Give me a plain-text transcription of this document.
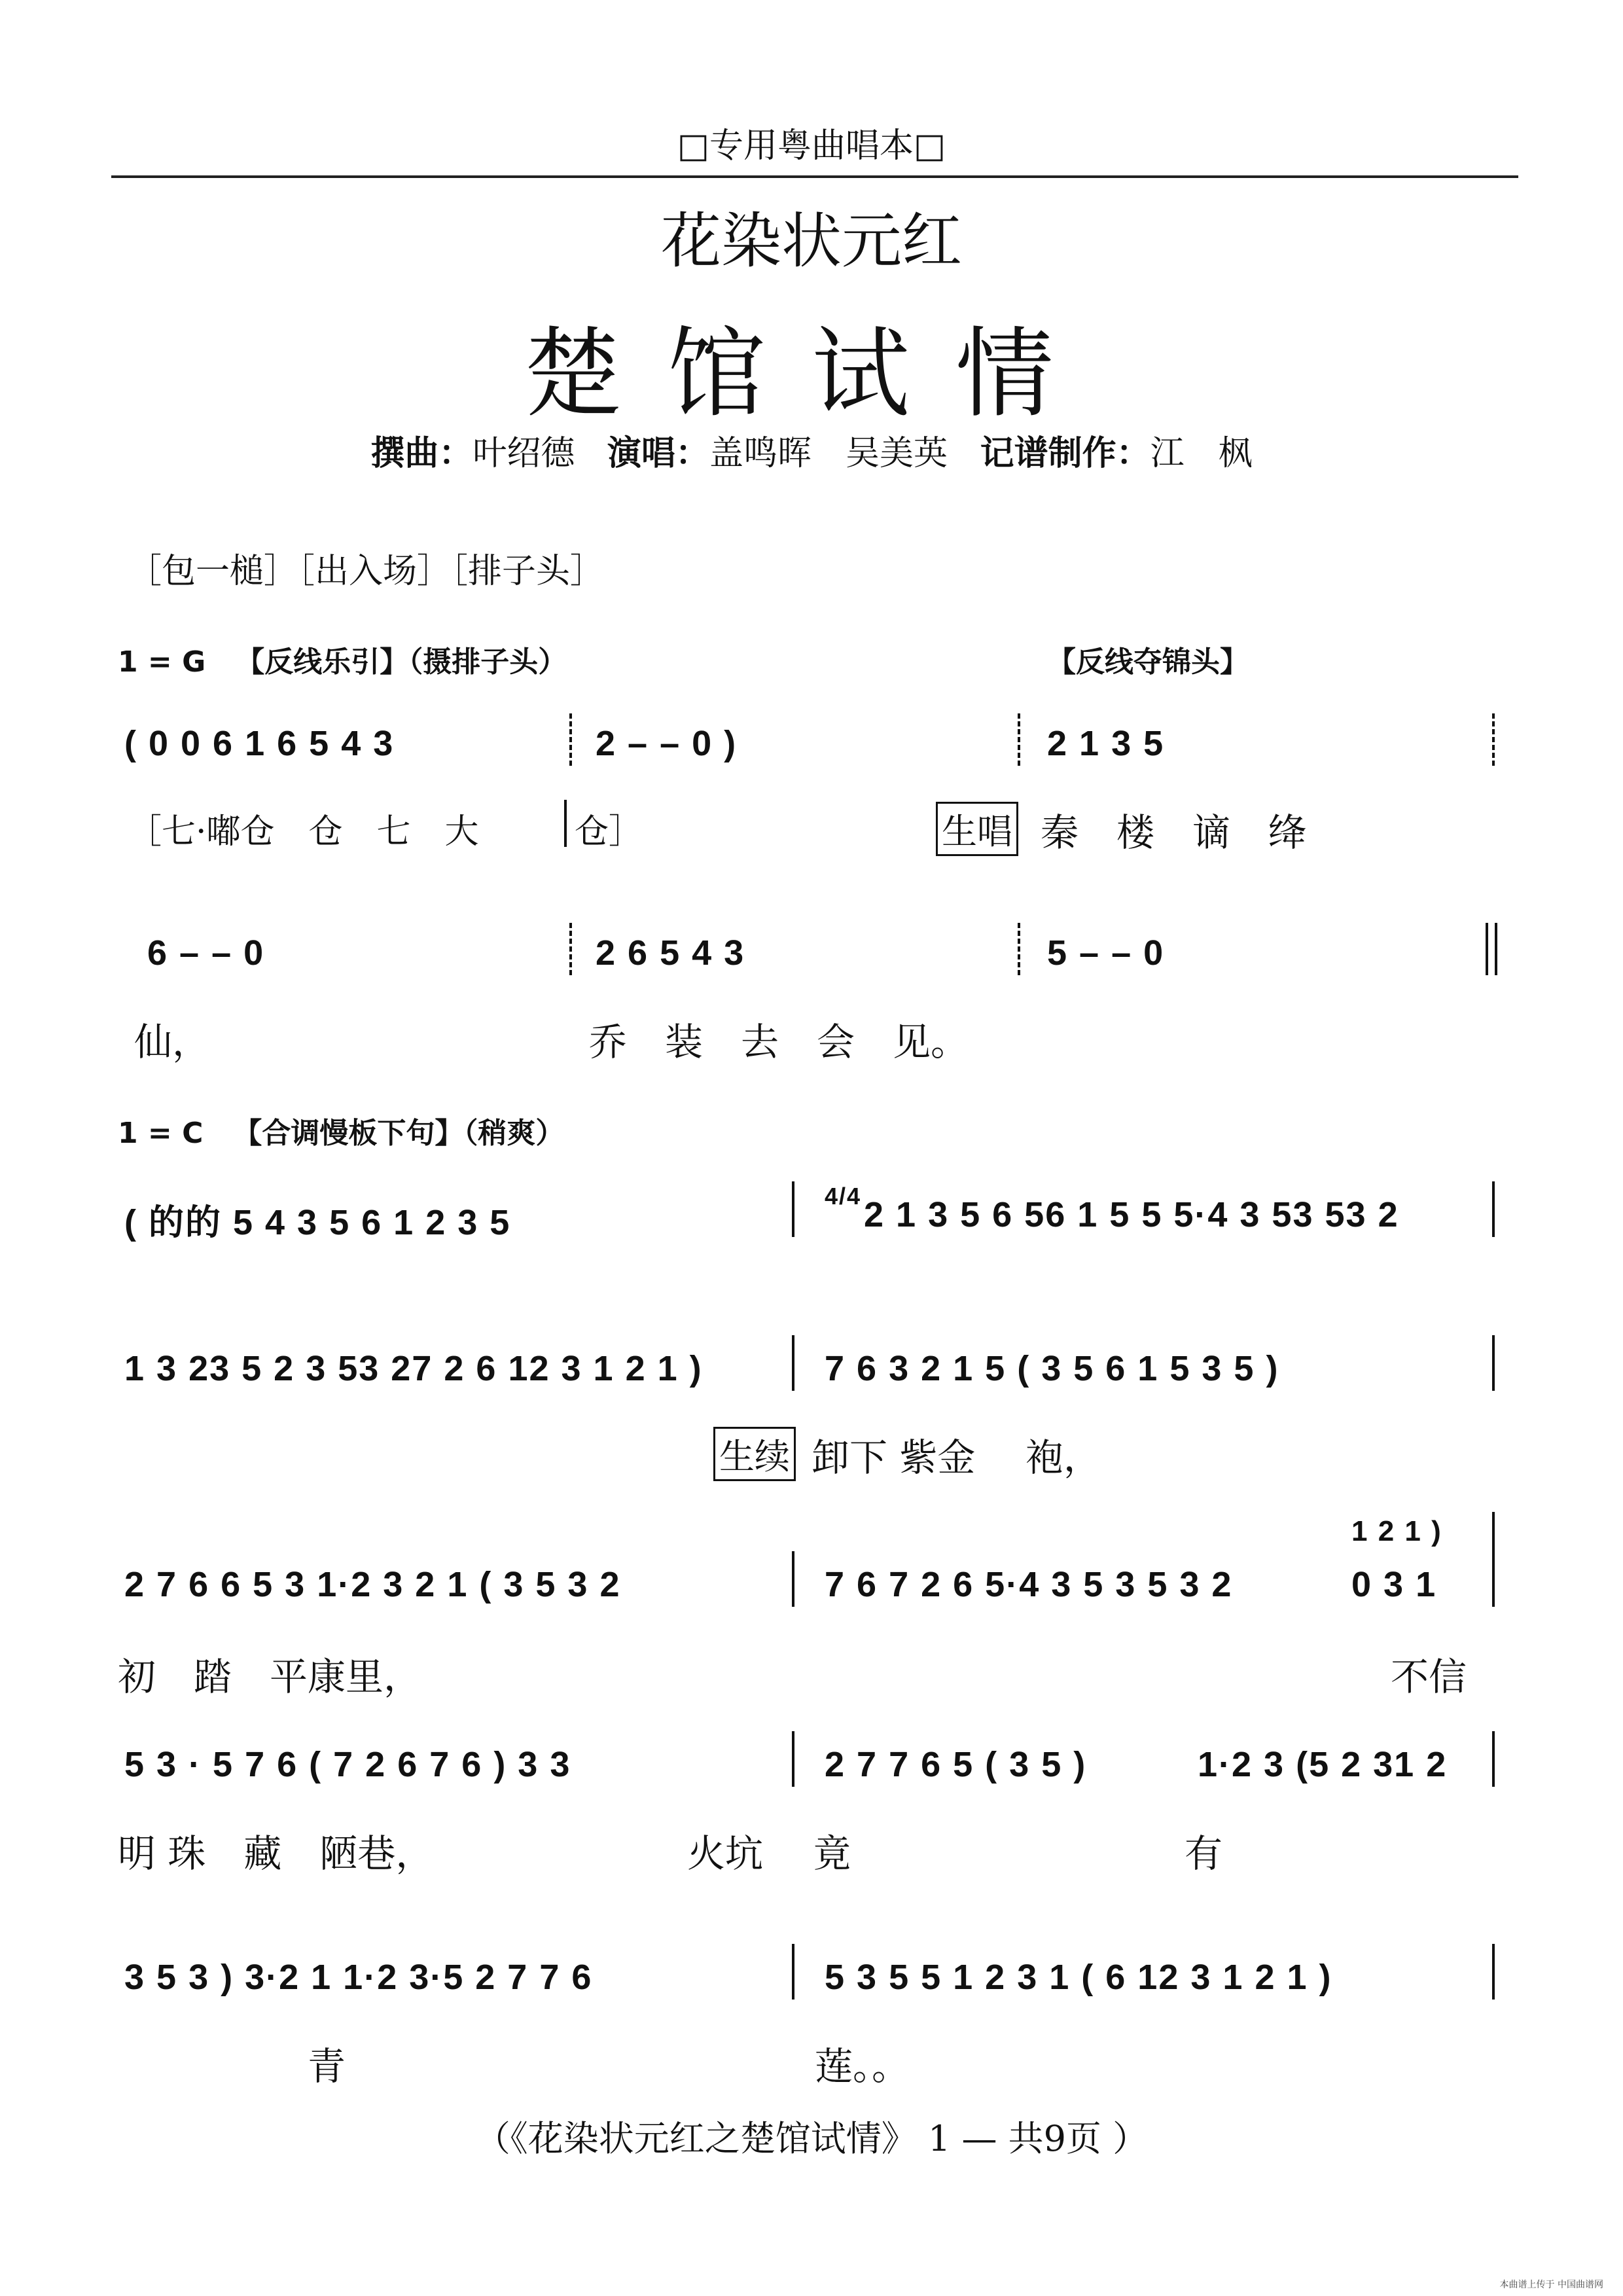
□专用粤曲唱本□
花染状元红
楚馆试情
撰曲：叶绍德 演唱：盖鸣晖　吴美英 记谱制作：江　枫
［包一槌］［出入场］［排子头］
1 = G 【反线乐引】（摄排子头）	【反线夺锦头】
( 0 0 6 1 6 5 4 3	2 – – 0 )	2 1 3 5
［七·嘟仓　仓　七　大	仓］	生唱 秦　楼　谪　绛
6 – – 0	2 6 5 4 3	5 – – 0
仙，	乔　装　去　会　见。
1 = C 【合调慢板下句】（稍爽）
( 的的 5 4 3 5 6 1 2 3 5
4/4 2 1 3 5 6 56 1 5 5 5·4 3 53 53 2
1 3 23 5 2 3 53 27 2 6 12 3 1 2 1 )	7 6 3 2 1 5 ( 3 5 6 1 5 3 5 )
生续 卸下 紫金　 袍，
2 7 6 6 5 3 1·2 3 2 1 ( 3 5 3 2	7 6 7 2 6 5·4 3 5 3 5 3 2
1 2 1 )
0 3 1
初　踏　平康里，	不信
5 3 · 5 7 6 ( 7 2 6 7 6 ) 3 3	2 7 7 6 5 ( 3 5 )	1·2 3 (5 2 31 2
明 珠　藏　陋巷，	火坑　 竟	有
3 5 3 ) 3·2 1 1·2 3·5 2 7 7 6	5 3 5 5 1 2 3 1 ( 6 12 3 1 2 1 )
青	莲。。
（《花染状元红之楚馆试情》 1 — 共9页 ）
本曲谱上传于 中国曲谱网
